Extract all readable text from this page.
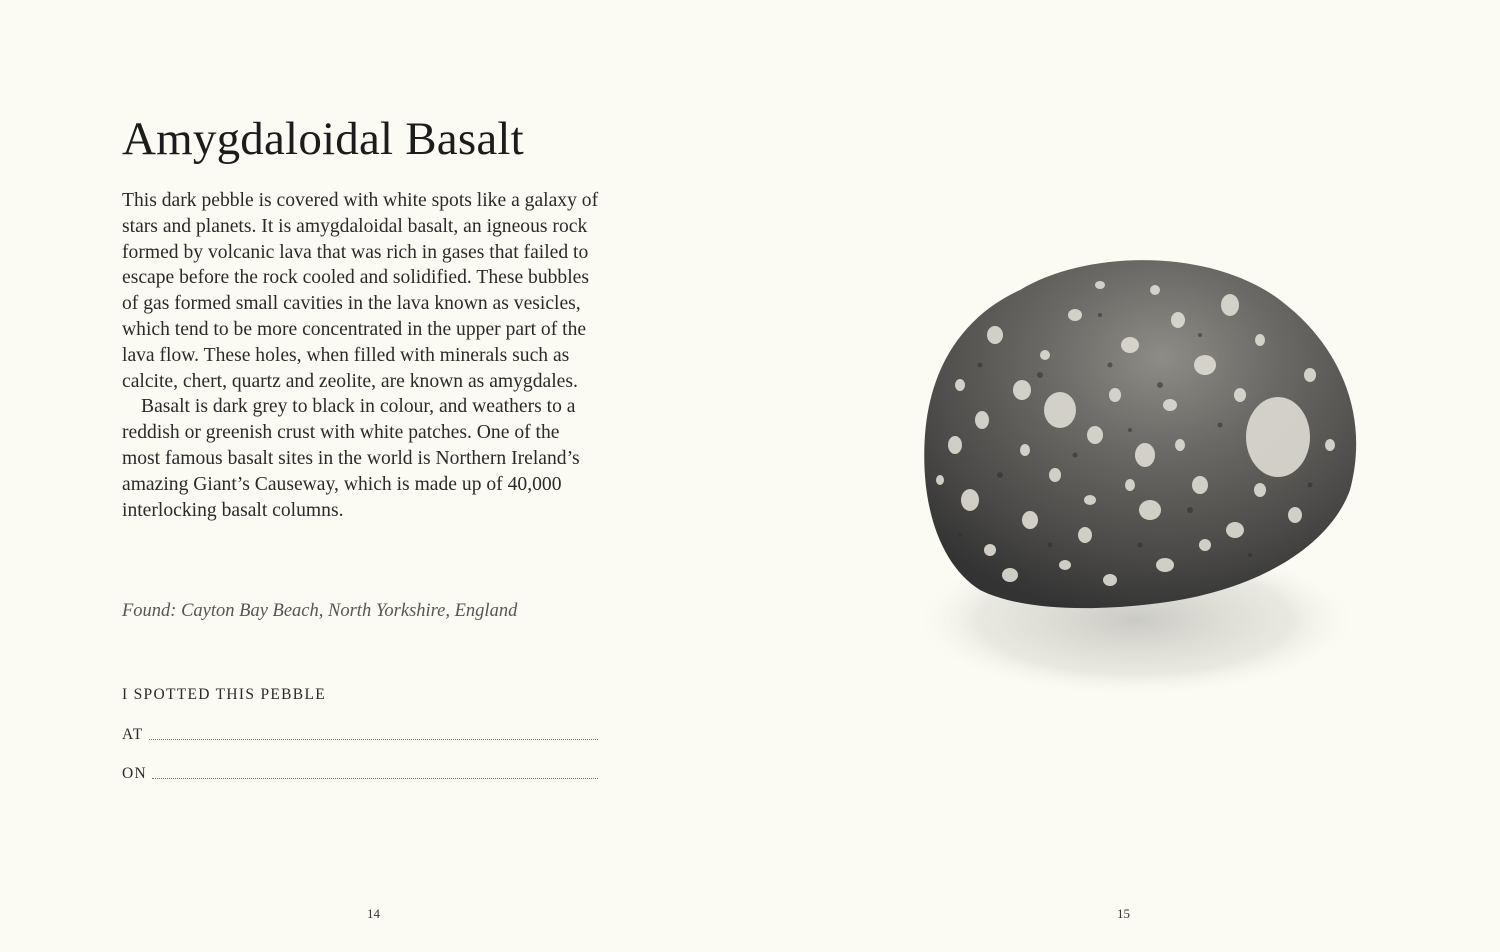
Amygdaloidal Basalt

This dark pebble is covered with white spots like a galaxy of stars and planets. It is amygdaloidal basalt, an igneous rock formed by volcanic lava that was rich in gases that failed to escape before the rock cooled and solidified. These bubbles of gas formed small cavities in the lava known as vesicles, which tend to be more concentrated in the upper part of the lava flow. These holes, when filled with minerals such as calcite, chert, quartz and zeolite, are known as amygdales.

Basalt is dark grey to black in colour, and weathers to a reddish or greenish crust with white patches. One of the most famous basalt sites in the world is Northern Ireland’s amazing Giant’s Causeway, which is made up of 40,000 interlocking basalt columns.

Found: Cayton Bay Beach, North Yorkshire, England
I SPOTTED THIS PEBBLE
AT
ON
14	15
